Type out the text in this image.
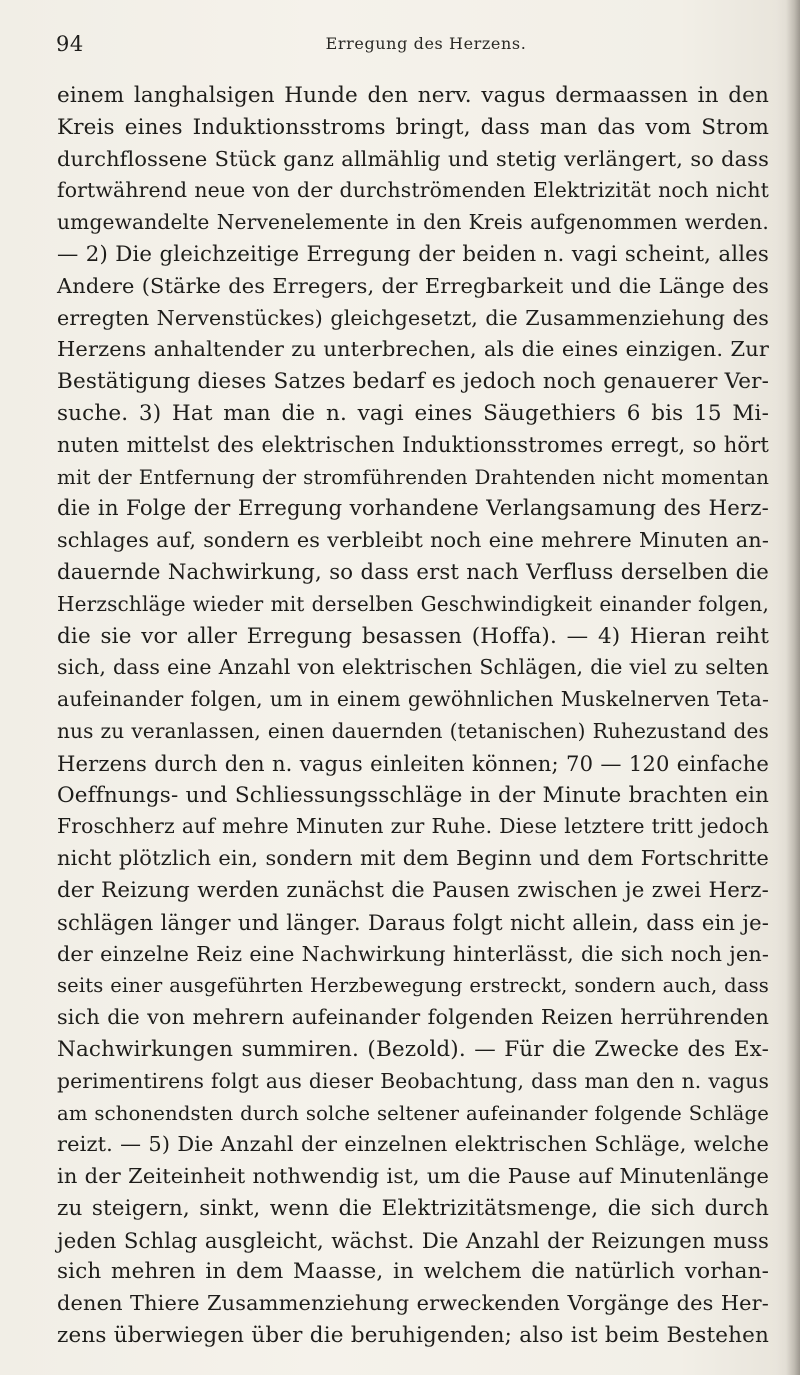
94	Erregung des Herzens.
einem langhalsigen Hunde den nerv. vagus dermaassen in den
Kreis eines Induktionsstroms bringt, dass man das vom Strom
durchflossene Stück ganz allmählig und stetig verlängert, so dass
fortwährend neue von der durchströmenden Elektrizität noch nicht
umgewandelte Nervenelemente in den Kreis aufgenommen werden.
— 2) Die gleichzeitige Erregung der beiden n. vagi scheint, alles
Andere (Stärke des Erregers, der Erregbarkeit und die Länge des
erregten Nervenstückes) gleichgesetzt, die Zusammenziehung des
Herzens anhaltender zu unterbrechen, als die eines einzigen. Zur
Bestätigung dieses Satzes bedarf es jedoch noch genauerer Ver-
suche. 3) Hat man die n. vagi eines Säugethiers 6 bis 15 Mi-
nuten mittelst des elektrischen Induktionsstromes erregt, so hört
mit der Entfernung der stromführenden Drahtenden nicht momentan
die in Folge der Erregung vorhandene Verlangsamung des Herz-
schlages auf, sondern es verbleibt noch eine mehrere Minuten an-
dauernde Nachwirkung, so dass erst nach Verfluss derselben die
Herzschläge wieder mit derselben Geschwindigkeit einander folgen,
die sie vor aller Erregung besassen (Hoffa). — 4) Hieran reiht
sich, dass eine Anzahl von elektrischen Schlägen, die viel zu selten
aufeinander folgen, um in einem gewöhnlichen Muskelnerven Teta-
nus zu veranlassen, einen dauernden (tetanischen) Ruhezustand des
Herzens durch den n. vagus einleiten können; 70 — 120 einfache
Oeffnungs- und Schliessungsschläge in der Minute brachten ein
Froschherz auf mehre Minuten zur Ruhe. Diese letztere tritt jedoch
nicht plötzlich ein, sondern mit dem Beginn und dem Fortschritte
der Reizung werden zunächst die Pausen zwischen je zwei Herz-
schlägen länger und länger. Daraus folgt nicht allein, dass ein je-
der einzelne Reiz eine Nachwirkung hinterlässt, die sich noch jen-
seits einer ausgeführten Herzbewegung erstreckt, sondern auch, dass
sich die von mehrern aufeinander folgenden Reizen herrührenden
Nachwirkungen summiren. (Bezold). — Für die Zwecke des Ex-
perimentirens folgt aus dieser Beobachtung, dass man den n. vagus
am schonendsten durch solche seltener aufeinander folgende Schläge
reizt. — 5) Die Anzahl der einzelnen elektrischen Schläge, welche
in der Zeiteinheit nothwendig ist, um die Pause auf Minutenlänge
zu steigern, sinkt, wenn die Elektrizitätsmenge, die sich durch
jeden Schlag ausgleicht, wächst. Die Anzahl der Reizungen muss
sich mehren in dem Maasse, in welchem die natürlich vorhan-
denen Thiere Zusammenziehung erweckenden Vorgänge des Her-
zens überwiegen über die beruhigenden; also ist beim Bestehen
